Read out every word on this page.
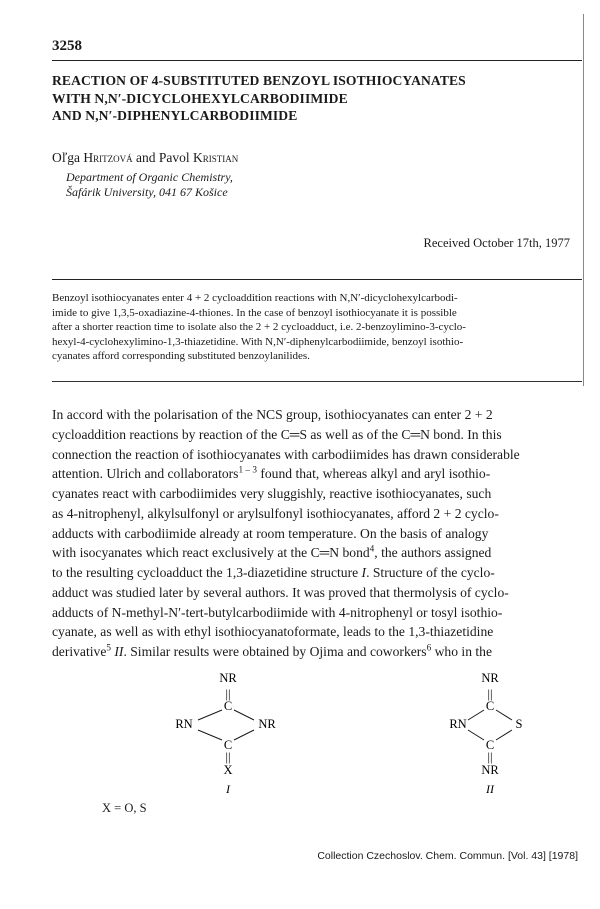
3258
REACTION OF 4-SUBSTITUTED BENZOYL ISOTHIOCYANATES
WITH N,N′-DICYCLOHEXYLCARBODIIMIDE
AND N,N′-DIPHENYLCARBODIIMIDE
Oľga Hritzová and Pavol Kristian
Department of Organic Chemistry,
Šafárik University, 041 67 Košice
Received October 17th, 1977
Benzoyl isothiocyanates enter 4 + 2 cycloaddition reactions with N,N′-dicyclohexylcarbodi-
imide to give 1,3,5-oxadiazine-4-thiones. In the case of benzoyl isothiocyanate it is possible
after a shorter reaction time to isolate also the 2 + 2 cycloadduct, i.e. 2-benzoylimino-3-cyclo-
hexyl-4-cyclohexylimino-1,3-thiazetidine. With N,N′-diphenylcarbodiimide, benzoyl isothio-
cyanates afford corresponding substituted benzoylanilides.
In accord with the polarisation of the NCS group, isothiocyanates can enter 2 + 2
cycloaddition reactions by reaction of the C═S as well as of the C═N bond. In this
connection the reaction of isothiocyanates with carbodiimides has drawn considerable
attention. Ulrich and collaborators$^{1 - 3}$ found that, whereas alkyl and aryl isothio-
cyanates react with carbodiimides very sluggishly, reactive isothiocyanates, such
as 4-nitrophenyl, alkylsulfonyl or arylsulfonyl isothiocyanates, afford 2 + 2 cyclo-
adducts with carbodiimide already at room temperature. On the basis of analogy
with isocyanates which react exclusively at the C═N bond$^4$, the authors assigned
to the resulting cycloadduct the 1,3-diazetidine structure I. Structure of the cyclo-
adduct was studied later by several authors. It was proved that thermolysis of cyclo-
adducts of N-methyl-N′-tert-butylcarbodiimide with 4-nitrophenyl or tosyl isothio-
cyanate, as well as with ethyl isothiocyanatoformate, leads to the 1,3-thiazetidine
derivative$^5$ II. Similar results were obtained by Ojima and coworkers$^6$ who in the
NR
||
C
RN	NR
C
||
X
I
NR
||
C
RN	S
C
||
NR
II
X = O, S
Collection Czechoslov. Chem. Commun. [Vol. 43] [1978]
